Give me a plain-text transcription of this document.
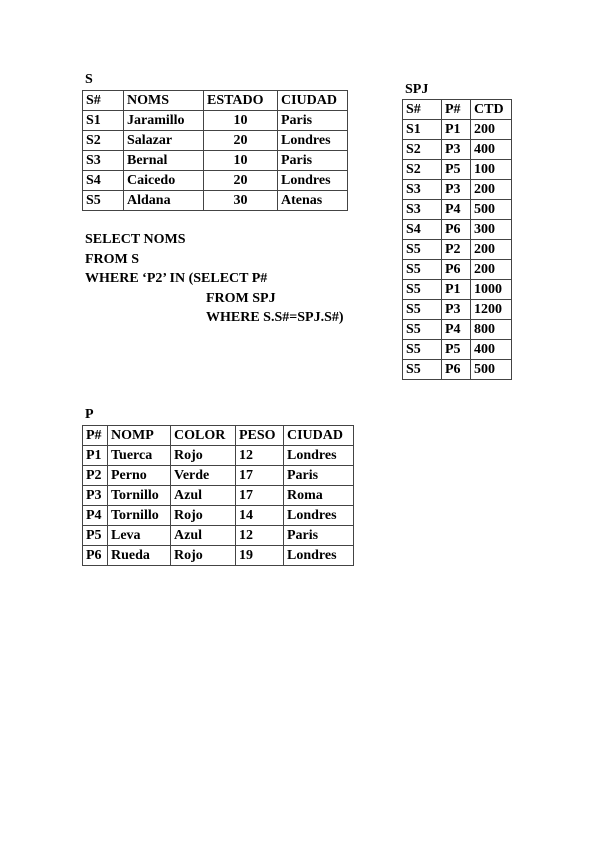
S
S#	NOMS	ESTADO	CIUDAD
S1	Jaramillo	10	Paris
S2	Salazar	20	Londres
S3	Bernal	10	Paris
S4	Caicedo	20	Londres
S5	Aldana	30	Atenas
SELECT NOMS
FROM S
WHERE ‘P2’ IN (SELECT P#
FROM SPJ
WHERE S.S#=SPJ.S#)
SPJ
S#	P#	CTD
S1	P1	200
S2	P3	400
S2	P5	100
S3	P3	200
S3	P4	500
S4	P6	300
S5	P2	200
S5	P6	200
S5	P1	1000
S5	P3	1200
S5	P4	800
S5	P5	400
S5	P6	500
P
P#	NOMP	COLOR	PESO	CIUDAD
P1	Tuerca	Rojo	12	Londres
P2	Perno	Verde	17	Paris
P3	Tornillo	Azul	17	Roma
P4	Tornillo	Rojo	14	Londres
P5	Leva	Azul	12	Paris
P6	Rueda	Rojo	19	Londres
